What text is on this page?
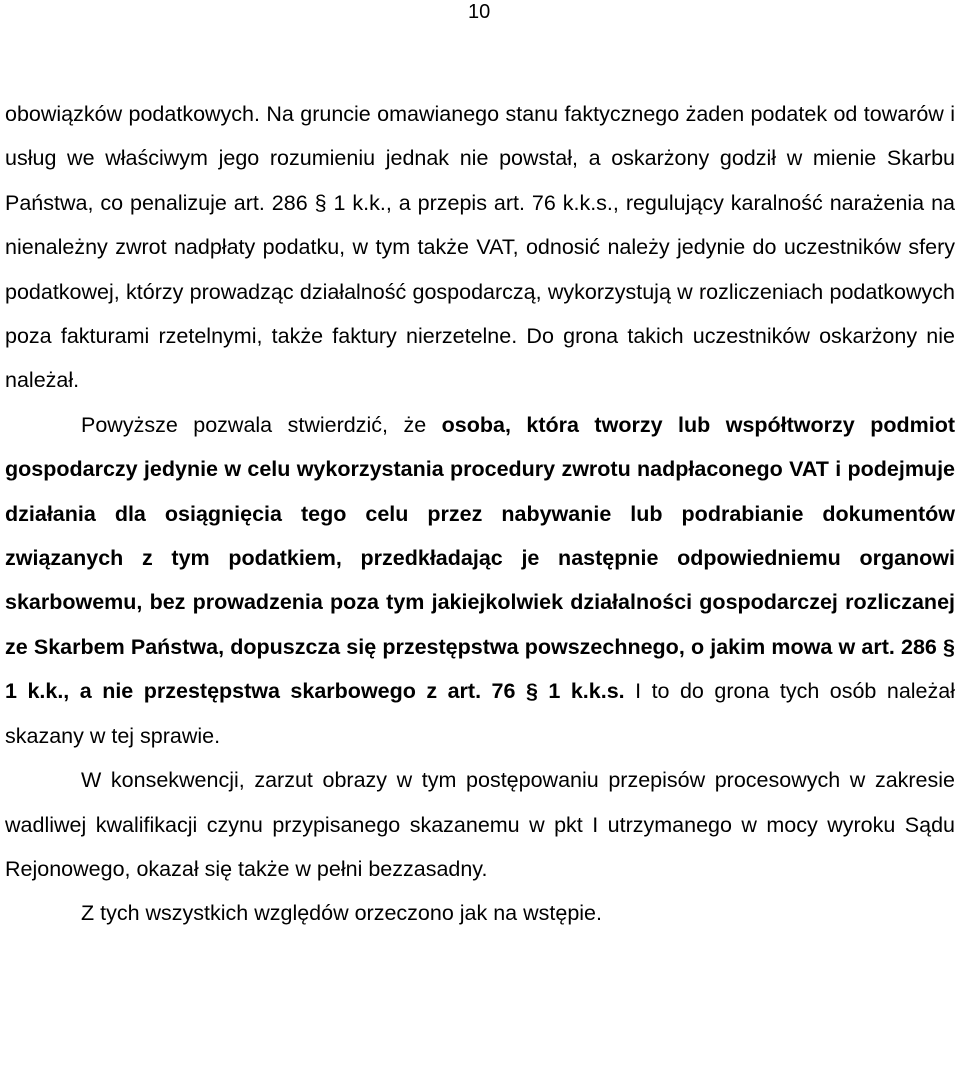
10

obowiązków podatkowych. Na gruncie omawianego stanu faktycznego żaden podatek od towarów i usług we właściwym jego rozumieniu jednak nie powstał, a oskarżony godził w mienie Skarbu Państwa, co penalizuje art. 286 § 1 k.k., a przepis art. 76 k.k.s., regulujący karalność narażenia na nienależny zwrot nadpłaty podatku, w tym także VAT, odnosić należy jedynie do uczestników sfery podatkowej, którzy prowadząc działalność gospodarczą, wykorzystują w rozliczeniach podatkowych poza fakturami rzetelnymi, także faktury nierzetelne. Do grona takich uczestników oskarżony nie należał.

Powyższe pozwala stwierdzić, że osoba, która tworzy lub współtworzy podmiot gospodarczy jedynie w celu wykorzystania procedury zwrotu nadpłaconego VAT i podejmuje działania dla osiągnięcia tego celu przez nabywanie lub podrabianie dokumentów związanych z tym podatkiem, przedkładając je następnie odpowiedniemu organowi skarbowemu, bez prowadzenia poza tym jakiejkolwiek działalności gospodarczej rozliczanej ze Skarbem Państwa, dopuszcza się przestępstwa powszechnego, o jakim mowa w art. 286 § 1 k.k., a nie przestępstwa skarbowego z art. 76 § 1 k.k.s. I to do grona tych osób należał skazany w tej sprawie.

W konsekwencji, zarzut obrazy w tym postępowaniu przepisów procesowych w zakresie wadliwej kwalifikacji czynu przypisanego skazanemu w pkt I utrzymanego w mocy wyroku Sądu Rejonowego, okazał się także w pełni bezzasadny.

Z tych wszystkich względów orzeczono jak na wstępie.
